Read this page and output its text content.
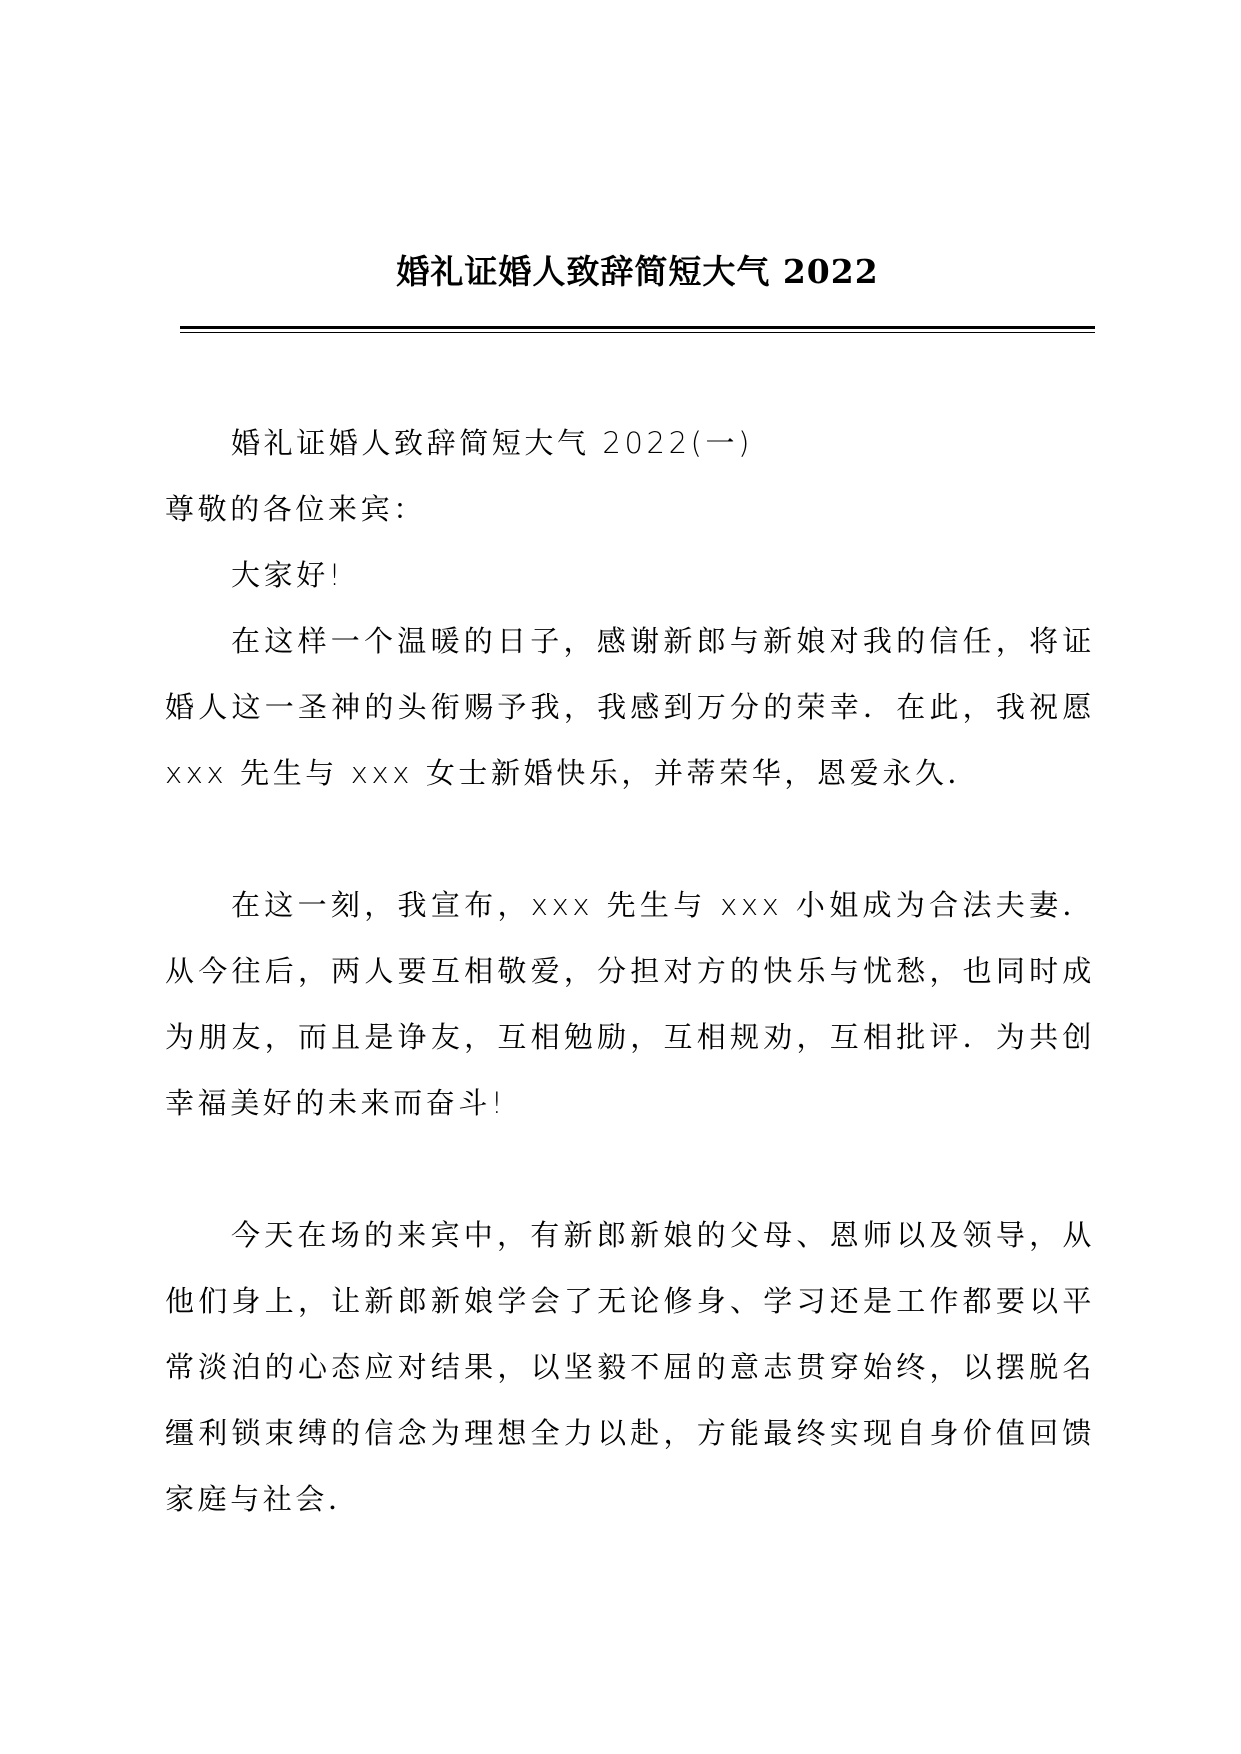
婚礼证婚人致辞简短大气 2022

婚礼证婚人致辞简短大气 2022(一)

尊敬的各位来宾：

大家好!

在这样一个温暖的日子，感谢新郎与新娘对我的信任，将证婚人这一圣神的头衔赐予我，我感到万分的荣幸．在此，我祝愿 xxx 先生与 xxx 女士新婚快乐，并蒂荣华，恩爱永久．

在这一刻，我宣布，xxx 先生与 xxx 小姐成为合法夫妻．从今往后，两人要互相敬爱，分担对方的快乐与忧愁，也同时成为朋友，而且是诤友，互相勉励，互相规劝，互相批评．为共创幸福美好的未来而奋斗!

今天在场的来宾中，有新郎新娘的父母、恩师以及领导，从他们身上，让新郎新娘学会了无论修身、学习还是工作都要以平常淡泊的心态应对结果，以坚毅不屈的意志贯穿始终，以摆脱名缰利锁束缚的信念为理想全力以赴，方能最终实现自身价值回馈家庭与社会．
